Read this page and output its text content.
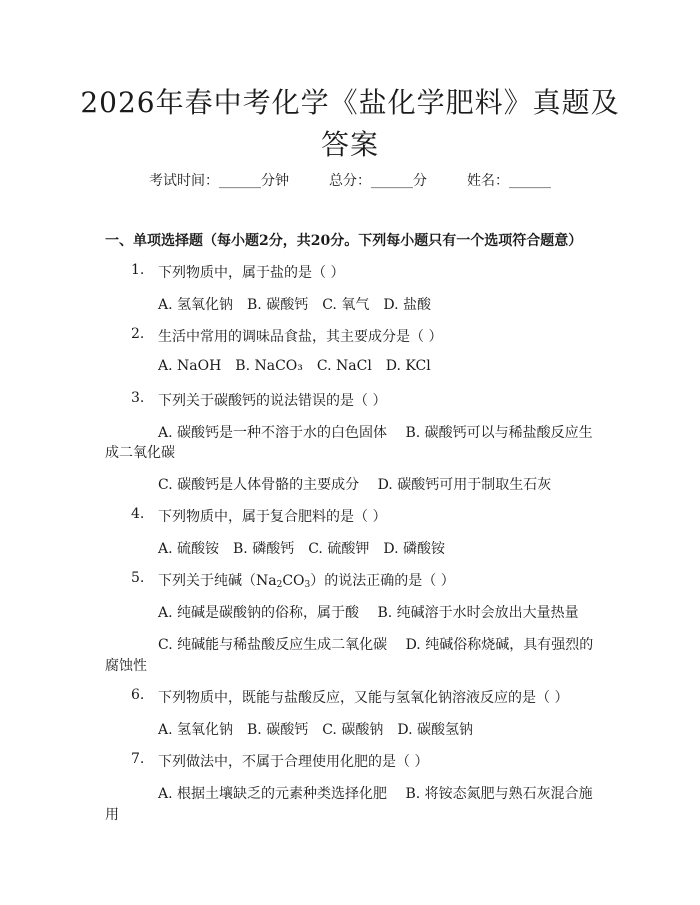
2026年春中考化学《盐化学肥料》真题及答案
考试时间：______分钟	总分：______分	姓名：______
一、单项选择题（每小题2分，共20分。下列每小题只有一个选项符合题意）
1. 下列物质中，属于盐的是（ ）
A. 氢氧化钠 B. 碳酸钙 C. 氧气 D. 盐酸
2. 生活中常用的调味品食盐，其主要成分是（ ）
A. NaOH B. NaCO₃ C. NaCl D. KCl
3. 下列关于碳酸钙的说法错误的是（ ）
A. 碳酸钙是一种不溶于水的白色固体　 B. 碳酸钙可以与稀盐酸反应生
成二氧化碳
C. 碳酸钙是人体骨骼的主要成分　 D. 碳酸钙可用于制取生石灰
4. 下列物质中，属于复合肥料的是（ ）
A. 硫酸铵 B. 磷酸钙 C. 硫酸钾 D. 磷酸铵
5. 下列关于纯碱$(Na_2CO_3)$的说法正确的是（ ）
A. 纯碱是碳酸钠的俗称，属于酸　 B. 纯碱溶于水时会放出大量热量
C. 纯碱能与稀盐酸反应生成二氧化碳　 D. 纯碱俗称烧碱，具有强烈的
腐蚀性
6. 下列物质中，既能与盐酸反应，又能与氢氧化钠溶液反应的是（ ）
A. 氢氧化钠 B. 碳酸钙 C. 碳酸钠 D. 碳酸氢钠
7. 下列做法中，不属于合理使用化肥的是（ ）
A. 根据土壤缺乏的元素种类选择化肥　 B. 将铵态氮肥与熟石灰混合施
用
